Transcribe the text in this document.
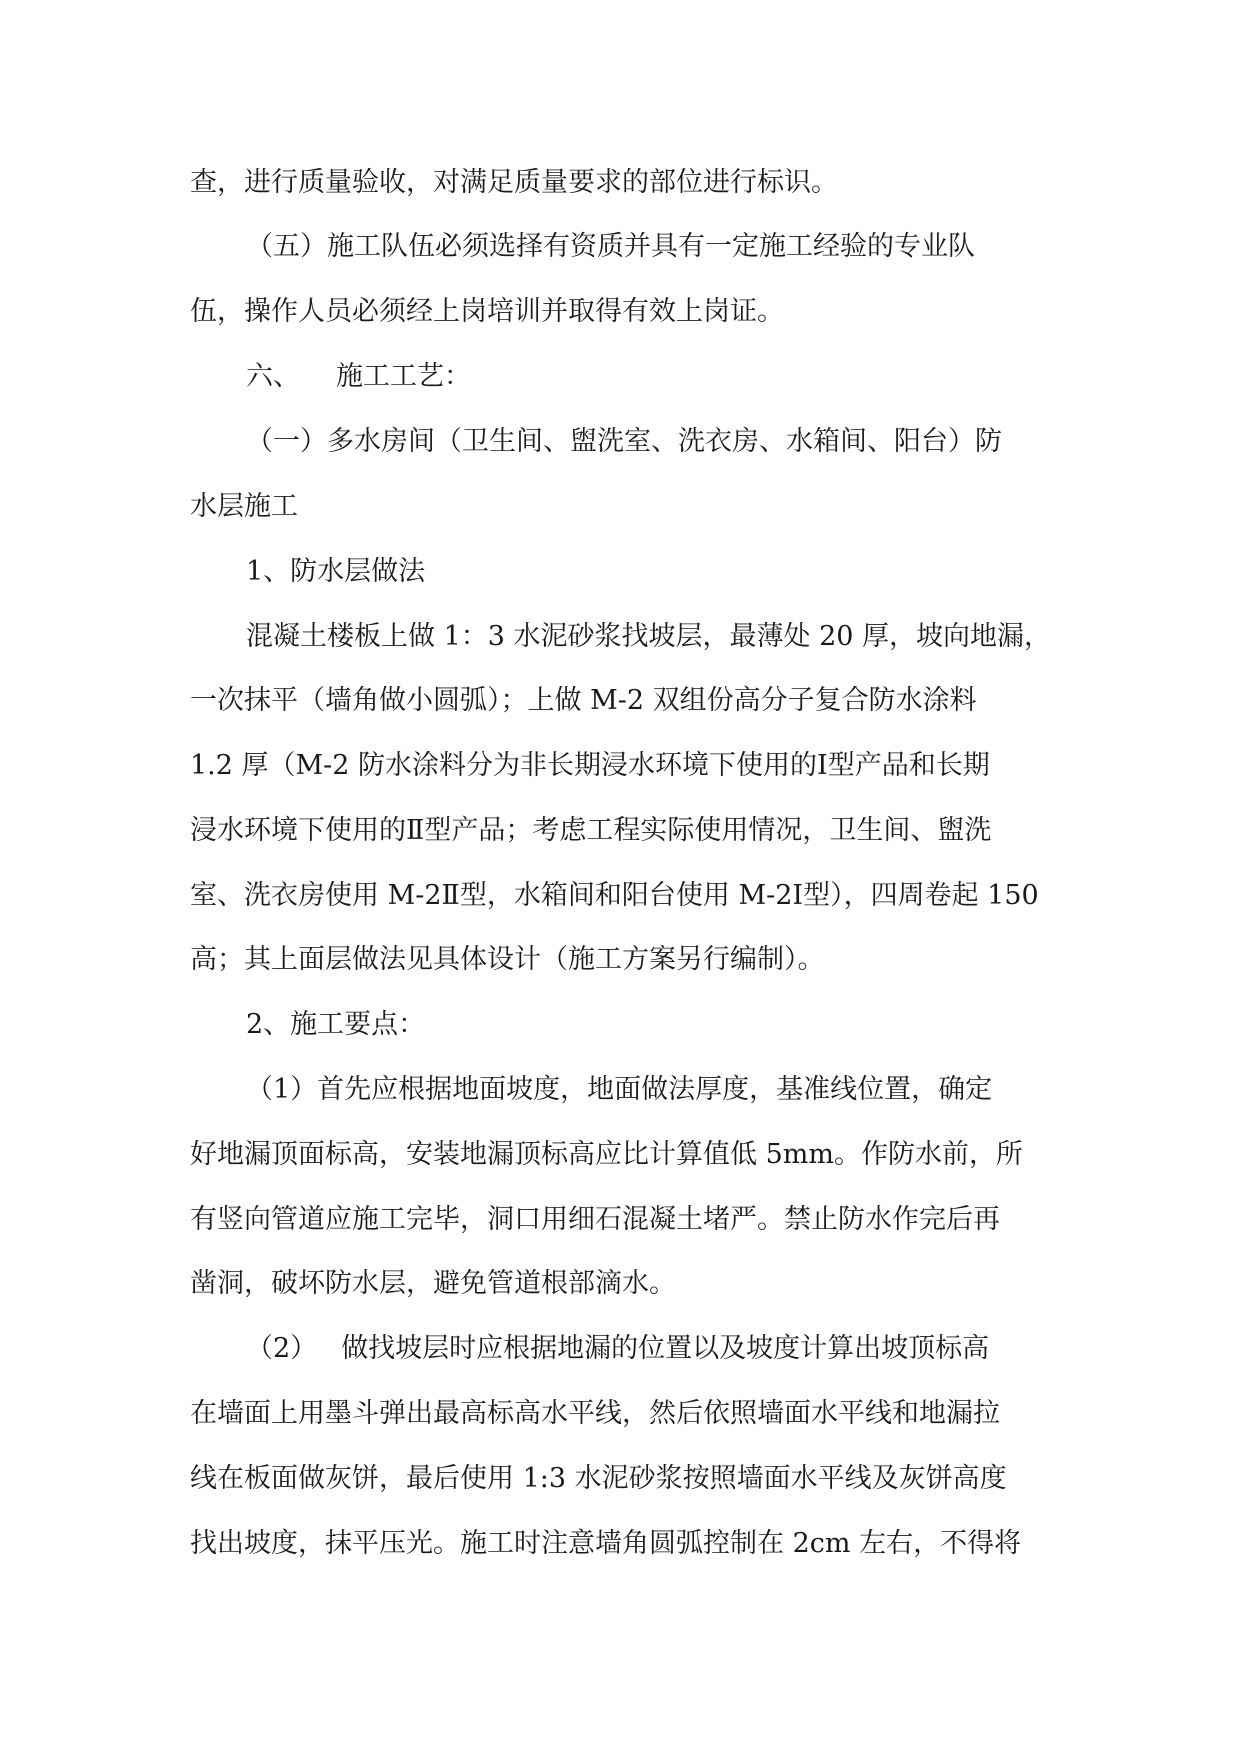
查，进行质量验收，对满足质量要求的部位进行标识。
（五）施工队伍必须选择有资质并具有一定施工经验的专业队
伍，操作人员必须经上岗培训并取得有效上岗证。
六、 施工工艺：
（一）多水房间（卫生间、盥洗室、洗衣房、水箱间、阳台）防
水层施工
1、防水层做法
混凝土楼板上做 1：3 水泥砂浆找坡层，最薄处 20 厚，坡向地漏，
一次抹平（墙角做小圆弧）；上做 M-2 双组份高分子复合防水涂料
1.2 厚（M-2 防水涂料分为非长期浸水环境下使用的Ⅰ型产品和长期
浸水环境下使用的Ⅱ型产品；考虑工程实际使用情况，卫生间、盥洗
室、洗衣房使用 M-2Ⅱ型，水箱间和阳台使用 M-2Ⅰ型），四周卷起 150
高；其上面层做法见具体设计（施工方案另行编制）。
2、施工要点：
（1）首先应根据地面坡度，地面做法厚度，基准线位置，确定
好地漏顶面标高，安装地漏顶标高应比计算值低 5mm。作防水前，所
有竖向管道应施工完毕，洞口用细石混凝土堵严。禁止防水作完后再
凿洞，破坏防水层，避免管道根部滴水。
（2） 做找坡层时应根据地漏的位置以及坡度计算出坡顶标高
在墙面上用墨斗弹出最高标高水平线，然后依照墙面水平线和地漏拉
线在板面做灰饼，最后使用 1:3 水泥砂浆按照墙面水平线及灰饼高度
找出坡度，抹平压光。施工时注意墙角圆弧控制在 2cm 左右，不得将
